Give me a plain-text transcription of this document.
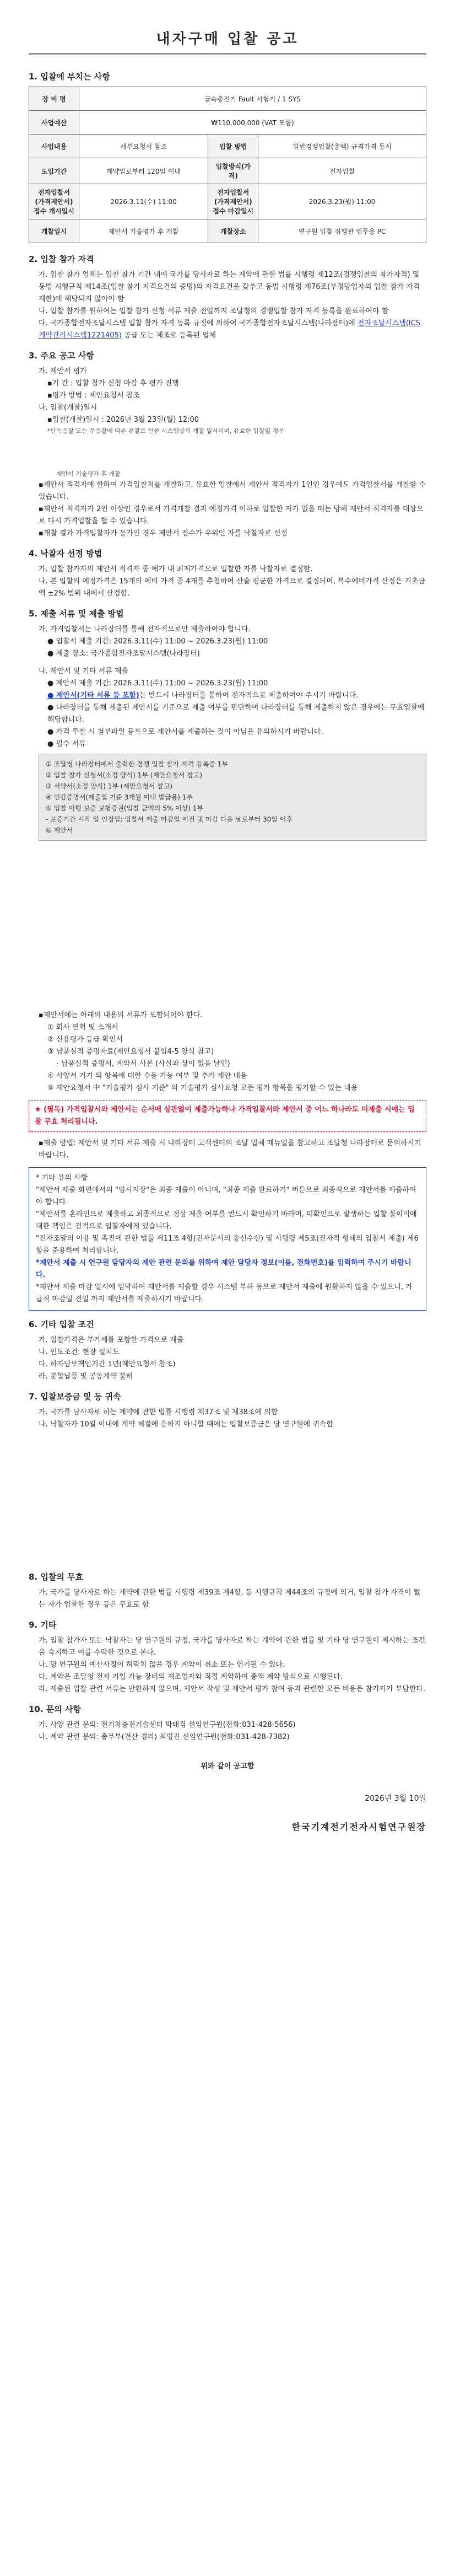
내자구매 입찰 공고
1. 입찰에 부치는 사항
장 비 명	급속충전기 Fault 시험기 / 1 SYS		
사업예산	₩110,000,000 (VAT 포함)		
사업내용	세부요청서 참조	입찰 방법	일반경쟁입찰(총액) 규격가격 동시
도입기간	계약일로부터 120일 이내	입찰방식(가격)	전자입찰
전자입찰서 (가격제안서) 접수 개시일시	2026.3.11(수) 11:00	전자입찰서 (가격제안서) 접수 마감일시	2026.3.23(월) 11:00
개찰일시	제안서 기술평가 후 개찰	개찰장소	연구원 입찰 집행관 업무용 PC
2. 입찰 참가 자격

가. 입찰 참가 업체는 입찰 참가 기간 내에 국가를 당사자로 하는 계약에 관한 법률 시행령 제12조(경쟁입찰의 참가자격) 및 동법 시행규칙 제14조(입찰 참가 자격요건의 증명)의 자격요건을 갖추고 동법 시행령 제76조(부정당업자의 입찰 참가 자격 제한)에 해당되지 않아야 함

나. 입찰 참가를 원하여는 입찰 참가 신청 서류 제출 전일까지 조달청의 경쟁입찰 참가 자격 등록을 완료하여야 함

다. 국가종합전자조달시스템 입찰 참가 자격 등록 규정에 의하여 국가종합전자조달시스템(나라장터)에 전자조달시스템(ICS계약관리시스템1221405) 공급 또는 제조로 등록된 업체

3. 주요 공고 사항

가. 제안서 평가

▪기 간 : 입찰 참가 신청 마감 후 평가 진행

▪평가 방법 : 제안요청서 참조

나. 입찰(개찰)일시

▪입찰(개찰)일시 : 2026년 3월 23일(월) 12:00

*단독응찰 또는 무응찰에 따른 유찰로 인한 시스템상의 개찰 일시이며, 유효한 입찰일 경우

제안서 기술평가 후 개찰

▪제안서 적격자에 한하여 가격입찰처를 개찰하고, 유효한 입찰에서 제안서 적격자가 1인인 경우에도 가격입찰서를 개찰할 수 있습니다.

▪제안서 적격자가 2인 이상인 경우로서 가격개찰 결과 예정가격 이하로 입찰한 자가 없을 때는 당해 제안서 적격자를 대상으로 다시 가격입찰을 할 수 있습니다.

▪개찰 결과 가격입찰자가 동가인 경우 제안서 점수가 우위인 자를 낙찰자로 선정

4. 낙찰자 선정 방법

가. 입찰 참가자의 제안서 적격자 중 예가 내 최저가격으로 입찰한 자를 낙찰자로 결정함.

나. 본 입찰의 예정가격은 15개의 예비 가격 중 4개를 추첨하여 산술 평균한 가격으로 결정되며, 복수예비가격 산정은 기초금액 ±2% 범위 내에서 산정함.

5. 제출 서류 및 제출 방법

가. 가격입찰서는 나라장터를 통해 전자적으로만 제출하여야 합니다.

● 입찰서 제출 기간: 2026.3.11(수) 11:00 ~ 2026.3.23(월) 11:00

● 제출 장소: 국가종합전자조달시스템(나라장터)

나. 제안서 및 기타 서류 제출

● 제안서 제출 기간: 2026.3.11(수) 11:00 ~ 2026.3.23(월) 11:00

● 제안서(기타 서류 등 포함)는 반드시 나라장터를 통하여 전자적으로 제출하여야 주시기 바랍니다.

● 나라장터를 통해 제출된 제안서를 기준으로 제출 여부를 판단하며 나라장터를 통해 제출하지 않은 경우에는 무효입찰에 해당합니다.

● 가격 투찰 시 첨부파일 등록으로 제안서를 제출하는 것이 아님을 유의하시기 바랍니다.

● 필수 서류

① 조달청 나라장터에서 출력한 경쟁 입찰 참가 자격 등록증 1부

② 입찰 참가 신청서(소정 양식) 1부 (제안요청서 참고)

③ 서약서(소정 양식) 1부 (제안요청서 참고)

④ 인감증명서(제출일 기준 3개월 이내 발급용) 1부

⑤ 입찰 이행 보증 보험증권(입찰 금액의 5% 이상) 1부

- 보증기간 시작 일 인정일: 입찰서 제출 마감일 이전 및 마감 다음 날로부터 30일 이후

⑥ 제안서

▪제안서에는 아래의 내용의 서류가 포함되어야 한다.

① 회사 연혁 및 소개서

② 신용평가 등급 확인서

③ 납품실적 증명자료(제안요청서 붙임4-5 양식 참고)

- 납품실적 증명서, 계약서 사본 (사실과 상이 없음 날인)

④ 사양서 기기 의 항목에 대한 수용 가능 여부 및 추가 제안 내용

⑤ 제안요청서 中 "기술평가 심사 기준" 의 기술평가 심사요청 모든 평가 항목을 평가할 수 있는 내용

★ (필독) 가격입찰서와 제안서는 순서에 상관없이 제출가능하나 가격입찰서와 제안서 중 어느 하나라도 미제출 시에는 입찰 무효 처리됩니다.

▪제출 방법: 제안서 및 기타 서류 제출 시 나라장터 고객센터의 조달 업체 매뉴얼을 참고하고 조달청 나라장터로 문의하시기 바랍니다.

* 기타 유의 사항

"제안서 제출 화면에서의 "임시저장"은 최종 제출이 아니며, "최종 제출 완료하기" 버튼으로 최종적으로 제안서를 제출하여야 합니다.

"제안서를 온라인으로 제출하고 최종적으로 정상 제출 여부를 반드시 확인하기 바라며, 미확인으로 발생하는 입찰 불이익에 대한 책임은 전적으로 입찰자에게 있습니다.

"전자조달의 이용 및 촉진에 관한 법률 제11조 4항(전자문서의 송신수신) 및 시행령 제5조(전자적 형태의 입찰서 제출) 제6항을 준용하여 처리합니다.

*제안서 제출 시 연구원 담당자의 제안 관련 문의를 위하여 제안 담당자 정보(이름, 전화번호)를 입력하여 주시기 바랍니다.

*제안서 제출 마감 일시에 임박하여 제안서를 제출할 경우 시스템 부하 등으로 제안서 제출에 원활하지 않을 수 있으니, 가급적 마감일 전일 까지 제안서를 제출하시기 바랍니다.

6. 기타 입찰 조건

가. 입찰가격은 부가세를 포함한 가격으로 제출

나. 인도조건: 현장 설치도

다. 하자담보책임기간 1년(제안요청서 참조)

라. 분할납품 및 공동계약 불허

7. 입찰보증금 및 동 귀속

가. 국가를 당사자로 하는 계약에 관한 법률 시행령 제37조 및 제38조에 의함

나. 낙찰자가 10일 이내에 계약 체결에 응하지 아니할 때에는 입찰보증금은 당 연구원에 귀속함

8. 입찰의 무효

가. 국가를 당사자로 하는 계약에 관한 법률 시행령 제39조 제4항, 동 시행규칙 제44조의 규정에 의거, 입찰 참가 자격이 없는 자가 입찰한 경우 등은 무효로 함

9. 기타

가. 입찰 참가자 또는 낙찰자는 당 연구원의 규정, 국가를 당사자로 하는 계약에 관한 법률 및 기타 당 연구원이 제시하는 조건을 숙지하고 이를 수락한 것으로 본다.

나. 당 연구원의 예산사정이 허락치 않을 경우 계약이 취소 또는 연기될 수 있다.

다. 계약은 조달청 전자 기입 가능 장비의 제조업자와 직접 계약하며 총액 계약 방식으로 시행된다.

라. 제출된 입찰 관련 서류는 반환하지 않으며, 제안서 작성 및 제안서 평가 참여 등과 관련한 모든 비용은 참가자가 부담한다.

10. 문의 사항

가. 사양 관련 문의: 전기차충전기술센터 박태검 선임연구원(전화:031-428-5656)

나. 계약 관련 문의: 총무부(전산 경리) 최영진 선임연구원(전화:031-428-7382)

위와 같이 공고함
2026년 3월 10일
한국기계전기전자시험연구원장
